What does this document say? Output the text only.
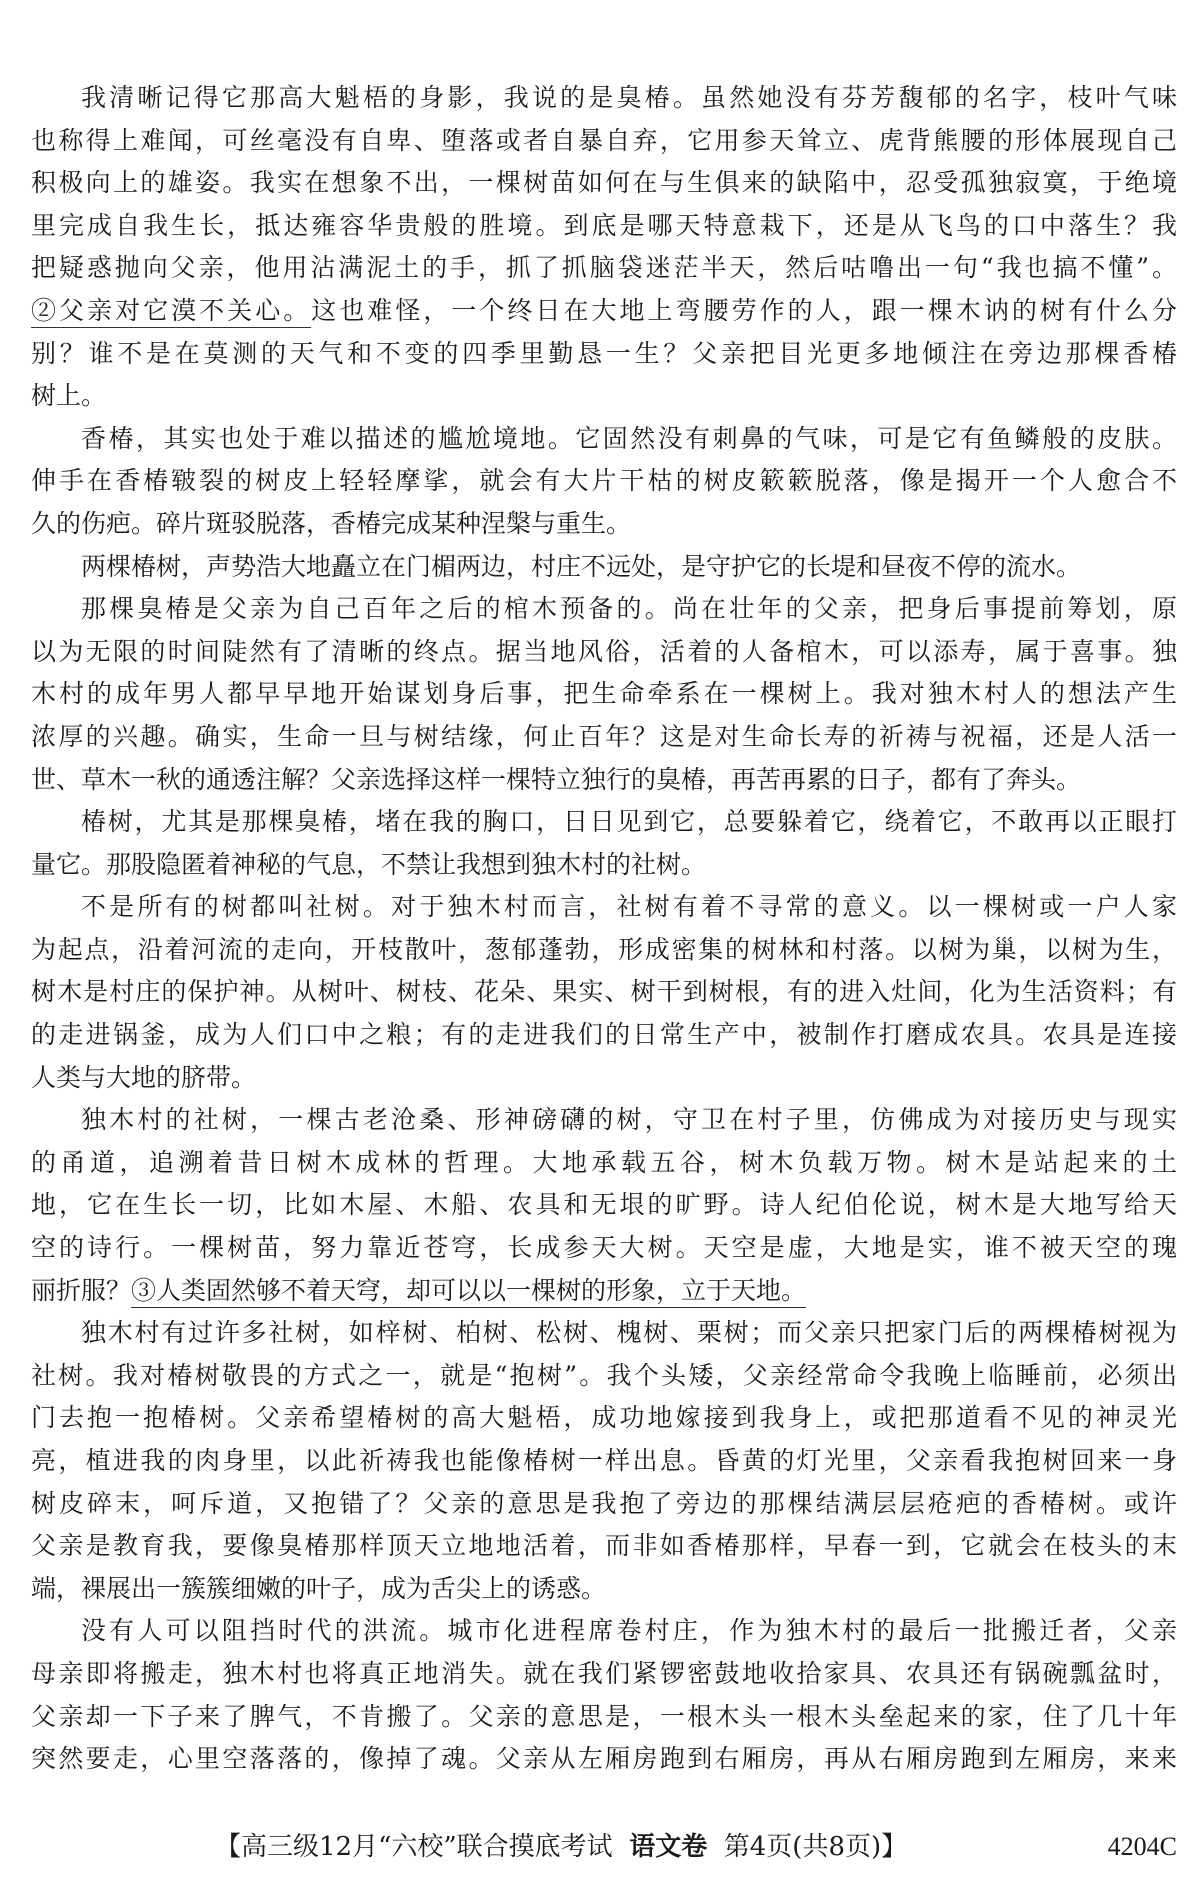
我清晰记得它那高大魁梧的身影，我说的是臭椿。虽然她没有芬芳馥郁的名字，枝叶气味
也称得上难闻，可丝毫没有自卑、堕落或者自暴自弃，它用参天耸立、虎背熊腰的形体展现自己
积极向上的雄姿。我实在想象不出，一棵树苗如何在与生俱来的缺陷中，忍受孤独寂寞，于绝境
里完成自我生长，抵达雍容华贵般的胜境。到底是哪天特意栽下，还是从飞鸟的口中落生？我
把疑惑抛向父亲，他用沾满泥土的手，抓了抓脑袋迷茫半天，然后咕噜出一句“我也搞不懂”。
②父亲对它漠不关心。这也难怪，一个终日在大地上弯腰劳作的人，跟一棵木讷的树有什么分
别？谁不是在莫测的天气和不变的四季里勤恳一生？父亲把目光更多地倾注在旁边那棵香椿
树上。
香椿，其实也处于难以描述的尴尬境地。它固然没有刺鼻的气味，可是它有鱼鳞般的皮肤。
伸手在香椿皲裂的树皮上轻轻摩挲，就会有大片干枯的树皮簌簌脱落，像是揭开一个人愈合不
久的伤疤。碎片斑驳脱落，香椿完成某种涅槃与重生。
两棵椿树，声势浩大地矗立在门楣两边，村庄不远处，是守护它的长堤和昼夜不停的流水。
那棵臭椿是父亲为自己百年之后的棺木预备的。尚在壮年的父亲，把身后事提前筹划，原
以为无限的时间陡然有了清晰的终点。据当地风俗，活着的人备棺木，可以添寿，属于喜事。独
木村的成年男人都早早地开始谋划身后事，把生命牵系在一棵树上。我对独木村人的想法产生
浓厚的兴趣。确实，生命一旦与树结缘，何止百年？这是对生命长寿的祈祷与祝福，还是人活一
世、草木一秋的通透注解？父亲选择这样一棵特立独行的臭椿，再苦再累的日子，都有了奔头。
椿树，尤其是那棵臭椿，堵在我的胸口，日日见到它，总要躲着它，绕着它，不敢再以正眼打
量它。那股隐匿着神秘的气息，不禁让我想到独木村的社树。
不是所有的树都叫社树。对于独木村而言，社树有着不寻常的意义。以一棵树或一户人家
为起点，沿着河流的走向，开枝散叶，葱郁蓬勃，形成密集的树林和村落。以树为巢，以树为生，
树木是村庄的保护神。从树叶、树枝、花朵、果实、树干到树根，有的进入灶间，化为生活资料；有
的走进锅釜，成为人们口中之粮；有的走进我们的日常生产中，被制作打磨成农具。农具是连接
人类与大地的脐带。
独木村的社树，一棵古老沧桑、形神磅礴的树，守卫在村子里，仿佛成为对接历史与现实
的甬道，追溯着昔日树木成林的哲理。大地承载五谷，树木负载万物。树木是站起来的土
地，它在生长一切，比如木屋、木船、农具和无垠的旷野。诗人纪伯伦说，树木是大地写给天
空的诗行。一棵树苗，努力靠近苍穹，长成参天大树。天空是虚，大地是实，谁不被天空的瑰
丽折服？③人类固然够不着天穹，却可以以一棵树的形象，立于天地。
独木村有过许多社树，如梓树、柏树、松树、槐树、栗树；而父亲只把家门后的两棵椿树视为
社树。我对椿树敬畏的方式之一，就是“抱树”。我个头矮，父亲经常命令我晚上临睡前，必须出
门去抱一抱椿树。父亲希望椿树的高大魁梧，成功地嫁接到我身上，或把那道看不见的神灵光
亮，植进我的肉身里，以此祈祷我也能像椿树一样出息。昏黄的灯光里，父亲看我抱树回来一身
树皮碎末，呵斥道，又抱错了？父亲的意思是我抱了旁边的那棵结满层层疮疤的香椿树。或许
父亲是教育我，要像臭椿那样顶天立地地活着，而非如香椿那样，早春一到，它就会在枝头的末
端，裸展出一簇簇细嫩的叶子，成为舌尖上的诱惑。
没有人可以阻挡时代的洪流。城市化进程席卷村庄，作为独木村的最后一批搬迁者，父亲
母亲即将搬走，独木村也将真正地消失。就在我们紧锣密鼓地收拾家具、农具还有锅碗瓢盆时，
父亲却一下子来了脾气，不肯搬了。父亲的意思是，一根木头一根木头垒起来的家，住了几十年
突然要走，心里空落落的，像掉了魂。父亲从左厢房跑到右厢房，再从右厢房跑到左厢房，来来
【高三级12月“六校”联合摸底考试 语文卷 第4页(共8页)】	4204C
